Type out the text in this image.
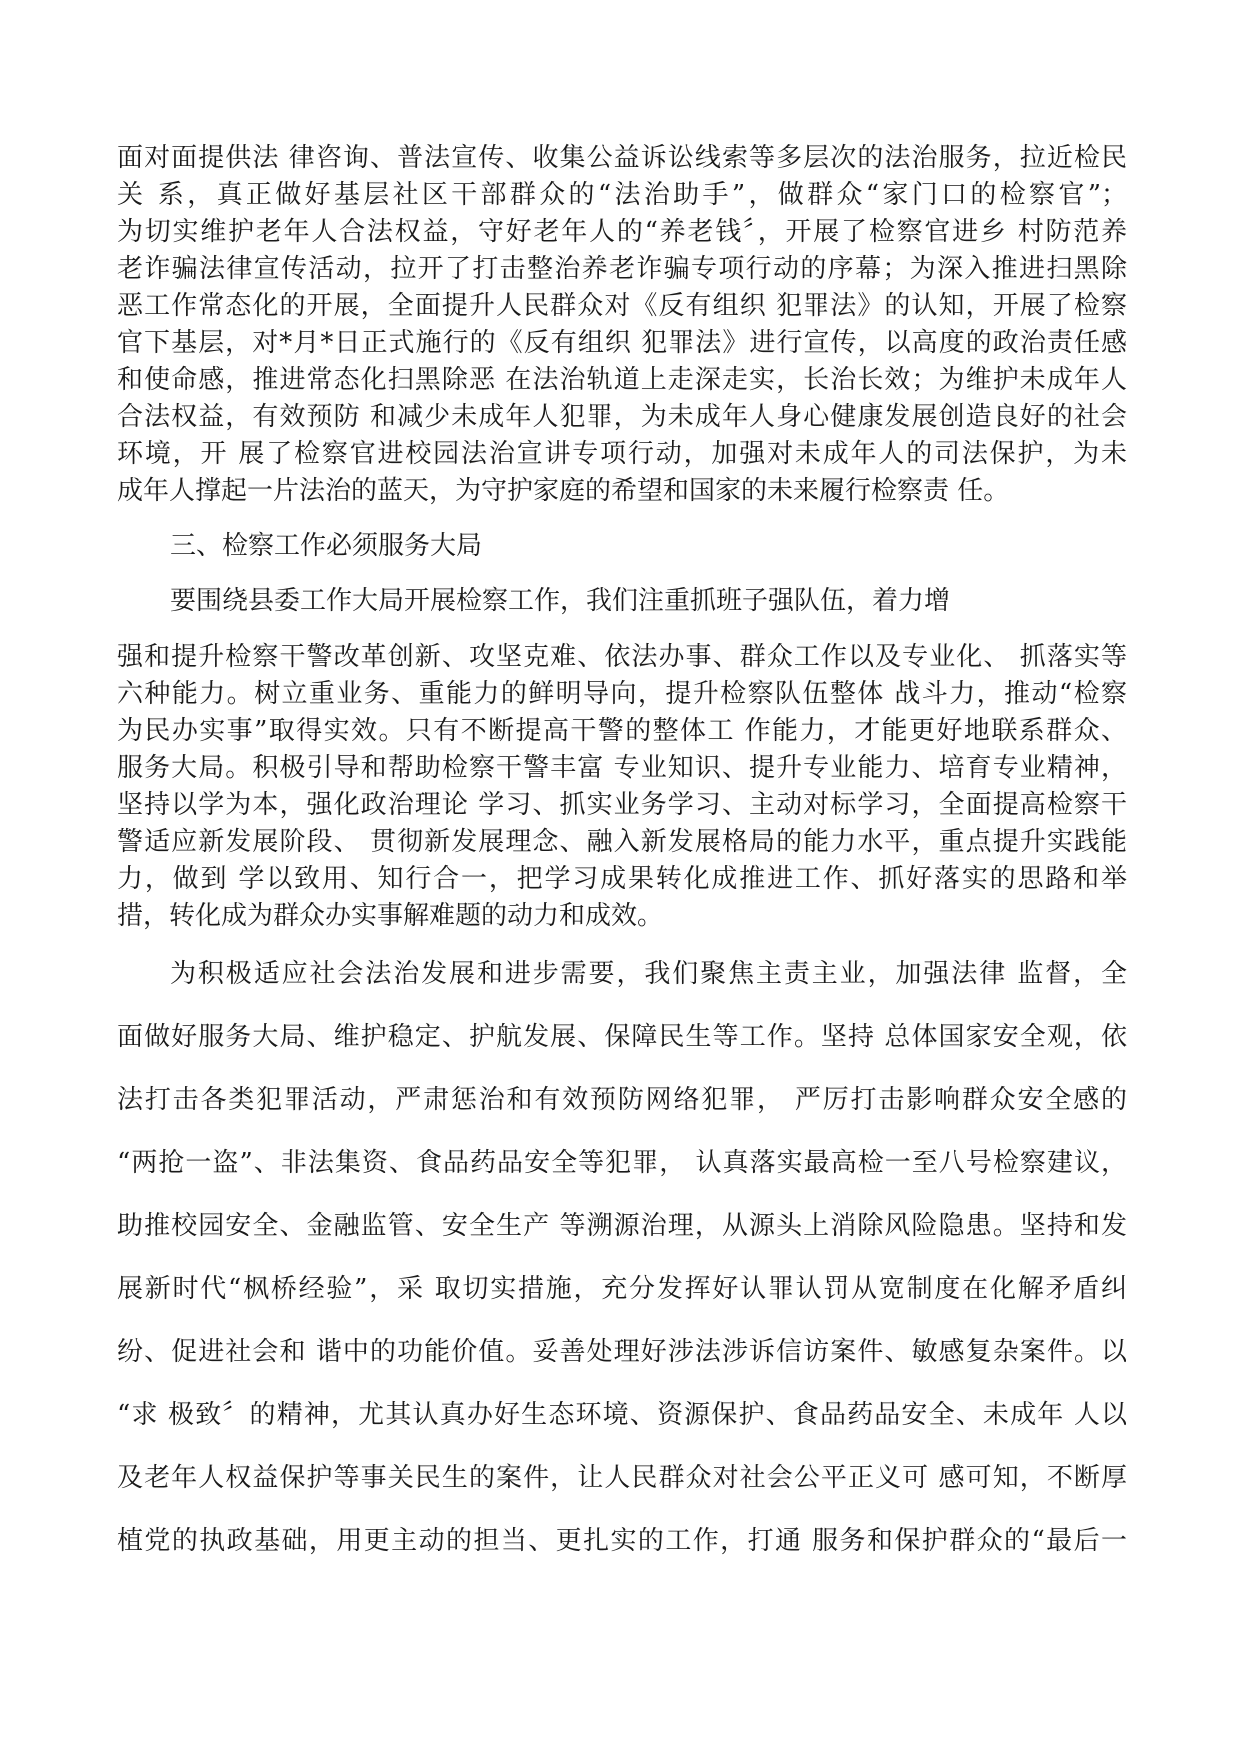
面对面提供法 律咨询、普法宣传、收集公益诉讼线索等多层次的法治服务，拉近检民
关 系，真正做好基层社区干部群众的“法治助手”，做群众“家门口的检察官”；
为切实维护老年人合法权益，守好老年人的“养老钱〞，开展了检察官进乡 村防范养
老诈骗法律宣传活动，拉开了打击整治养老诈骗专项行动的序幕；为深入推进扫黑除
恶工作常态化的开展，全面提升人民群众对《反有组织 犯罪法》的认知，开展了检察
官下基层，对*月*日正式施行的《反有组织 犯罪法》进行宣传，以高度的政治责任感
和使命感，推进常态化扫黑除恶 在法治轨道上走深走实，长治长效；为维护未成年人
合法权益，有效预防 和减少未成年人犯罪，为未成年人身心健康发展创造良好的社会
环境，开 展了检察官进校园法治宣讲专项行动，加强对未成年人的司法保护，为未
成年人撑起一片法治的蓝天，为守护家庭的希望和国家的未来履行检察责 任。
三、检察工作必须服务大局
要围绕县委工作大局开展检察工作，我们注重抓班子强队伍，着力增
强和提升检察干警改革创新、攻坚克难、依法办事、群众工作以及专业化、 抓落实等
六种能力。树立重业务、重能力的鲜明导向，提升检察队伍整体 战斗力，推动“检察
为民办实事”取得实效。只有不断提高干警的整体工 作能力，才能更好地联系群众、
服务大局。积极引导和帮助检察干警丰富 专业知识、提升专业能力、培育专业精神，
坚持以学为本，强化政治理论 学习、抓实业务学习、主动对标学习，全面提高检察干
警适应新发展阶段、 贯彻新发展理念、融入新发展格局的能力水平，重点提升实践能
力，做到 学以致用、知行合一，把学习成果转化成推进工作、抓好落实的思路和举
措，转化成为群众办实事解难题的动力和成效。
为积极适应社会法治发展和进步需要，我们聚焦主责主业，加强法律 监督，全
面做好服务大局、维护稳定、护航发展、保障民生等工作。坚持 总体国家安全观，依
法打击各类犯罪活动，严肃惩治和有效预防网络犯罪， 严厉打击影响群众安全感的
“两抢一盗”、非法集资、食品药品安全等犯罪， 认真落实最高检一至八号检察建议，
助推校园安全、金融监管、安全生产 等溯源治理，从源头上消除风险隐患。坚持和发
展新时代“枫桥经验”，采 取切实措施，充分发挥好认罪认罚从宽制度在化解矛盾纠
纷、促进社会和 谐中的功能价值。妥善处理好涉法涉诉信访案件、敏感复杂案件。以
“求 极致〞的精神，尤其认真办好生态环境、资源保护、食品药品安全、未成年 人以
及老年人权益保护等事关民生的案件，让人民群众对社会公平正义可 感可知，不断厚
植党的执政基础，用更主动的担当、更扎实的工作，打通 服务和保护群众的“最后一
